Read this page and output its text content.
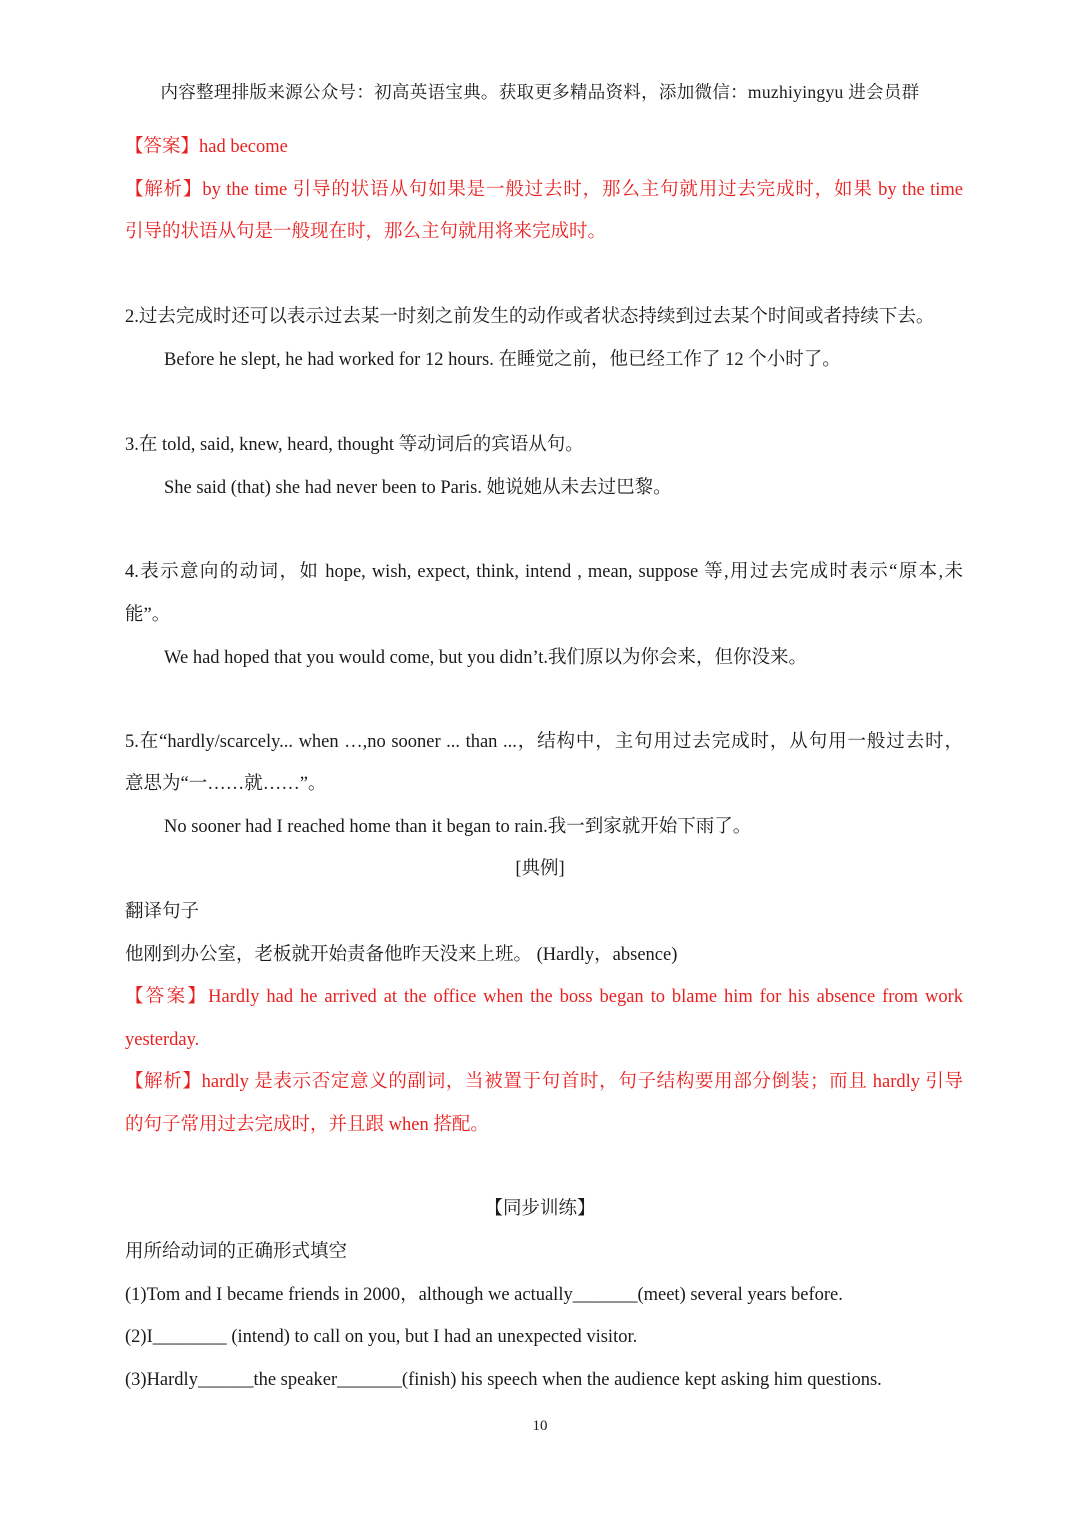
内容整理排版来源公众号：初高英语宝典。获取更多精品资料，添加微信：muzhiyingyu 进会员群
【答案】had become
【解析】by the time 引导的状语从句如果是一般过去时，那么主句就用过去完成时，如果 by the time
引导的状语从句是一般现在时，那么主句就用将来完成时。
2.过去完成时还可以表示过去某一时刻之前发生的动作或者状态持续到过去某个时间或者持续下去。
Before he slept, he had worked for 12 hours. 在睡觉之前，他已经工作了 12 个小时了。
3.在 told, said, knew, heard, thought 等动词后的宾语从句。
She said (that) she had never been to Paris. 她说她从未去过巴黎。
4.表示意向的动词，如 hope, wish, expect, think, intend , mean, suppose 等,用过去完成时表示“原本,未
能”。
We had hoped that you would come, but you didn’t.我们原以为你会来，但你没来。
5.在“hardly/scarcely... when …,no sooner ... than ...，结构中，主句用过去完成时，从句用一般过去时，
意思为“一……就……”。
No sooner had I reached home than it began to rain.我一到家就开始下雨了。
[典例]
翻译句子
他刚到办公室，老板就开始责备他昨天没来上班。 (Hardly，absence)
【答案】Hardly had he arrived at the office when the boss began to blame him for his absence from work
yesterday.
【解析】hardly 是表示否定意义的副词，当被置于句首时，句子结构要用部分倒装；而且 hardly 引导
的句子常用过去完成时，并且跟 when 搭配。
【同步训练】
用所给动词的正确形式填空
(1)Tom and I became friends in 2000，although we actually_______(meet) several years before.
(2)I________ (intend) to call on you, but I had an unexpected visitor.
(3)Hardly______the speaker_______(finish) his speech when the audience kept asking him questions.
10
